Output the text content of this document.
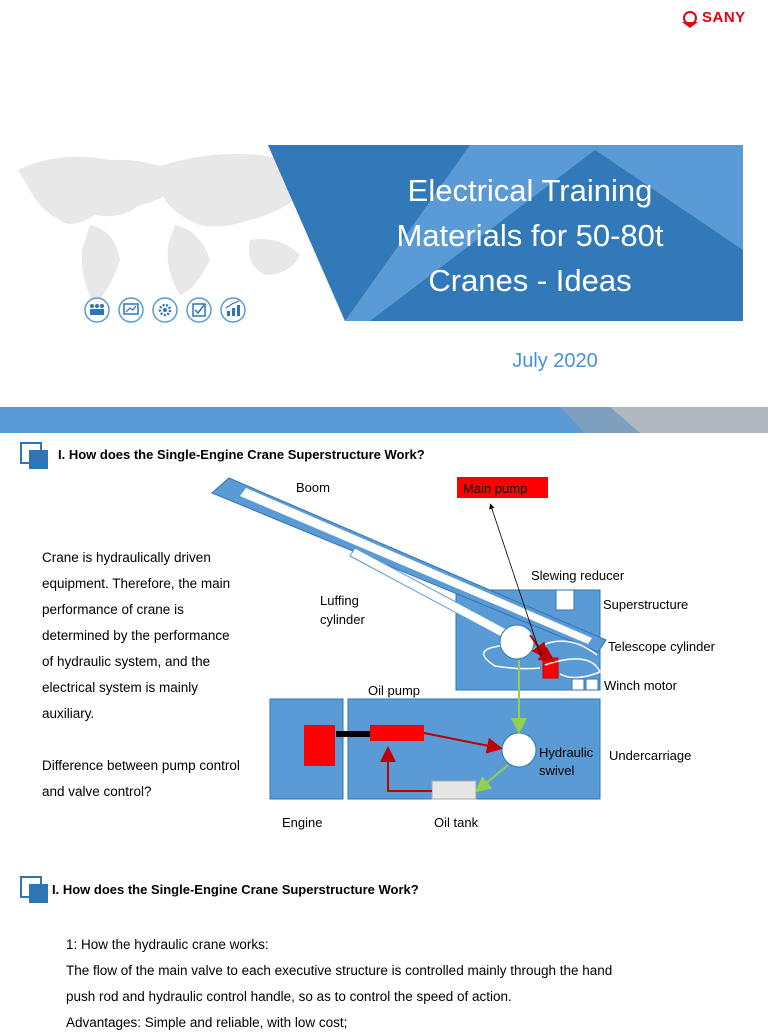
SANY
Electrical Training
Materials for 50-80t
Cranes - Ideas
July 2020
I. How does the Single-Engine Crane Superstructure Work?
Crane is hydraulically driven
equipment. Therefore, the main
performance of crane is
determined by the performance
of hydraulic system, and the
electrical system is mainly
auxiliary.
Difference between pump control
and valve control?
Boom	Main pump
Slewing reducer
Luffing
cylinder
Superstructure
Telescope cylinder
Winch motor
Oil pump
Hydraulic
swivel
Undercarriage
Engine	Oil tank
I. How does the Single-Engine Crane Superstructure Work?
1: How the hydraulic crane works:
The flow of the main valve to each executive structure is controlled mainly through the hand
push rod and hydraulic control handle, so as to control the speed of action.
Advantages: Simple and reliable, with low cost;
